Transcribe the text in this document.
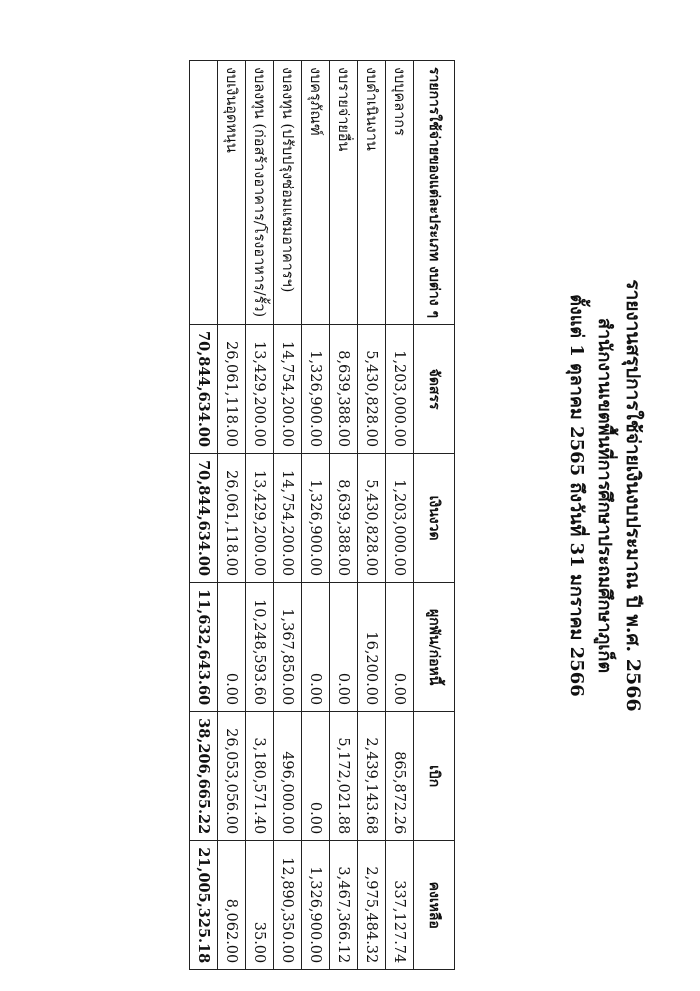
รายงานสรุปการใช้จ่ายเงินงบประมาณ ปี พ.ศ. 2566
สำนักงานเขตพื้นที่การศึกษาประถมศึกษาภูเก็ต
ตั้งแต่ 1 ตุลาคม 2565 ถึงวันที่ 31 มกราคม 2566
รายการใช้จ่ายของแต่ละประเภท งบต่าง ๆ	จัดสรร	เงินงวด	ผูกพัน/ก่อหนี้	เบิก	คงเหลือ
งบบุคลากร	1,203,000.00	1,203,000.00	0.00	865,872.26	337,127.74
งบดำเนินงาน	5,430,828.00	5,430,828.00	16,200.00	2,439,143.68	2,975,484.32
งบรายจ่ายอื่น	8,639,388.00	8,639,388.00	0.00	5,172,021.88	3,467,366.12
งบครุภัณฑ์	1,326,900.00	1,326,900.00	0.00	0.00	1,326,900.00
งบลงทุน (ปรับปรุงซ่อมแซมอาคารฯ)	14,754,200.00	14,754,200.00	1,367,850.00	496,000.00	12,890,350.00
งบลงทุน (ก่อสร้างอาคาร/โรงอาหาร/รั้ว)	13,429,200.00	13,429,200.00	10,248,593.60	3,180,571.40	35.00
งบเงินอุดหนุน	26,061,118.00	26,061,118.00	0.00	26,053,056.00	8,062.00
	70,844,634.00	70,844,634.00	11,632,643.60	38,206,665.22	21,005,325.18
